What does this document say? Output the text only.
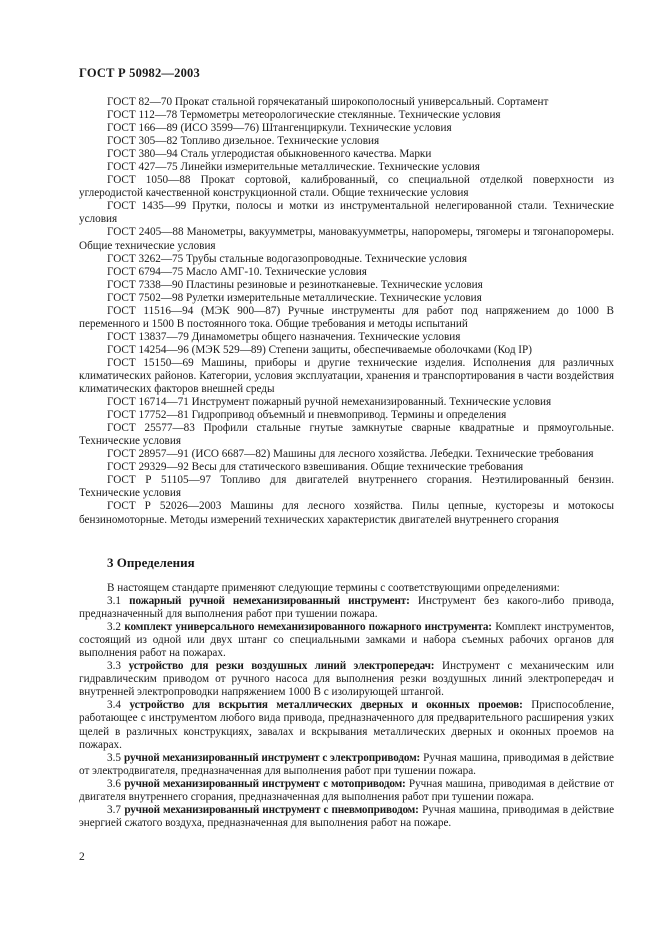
ГОСТ Р 50982—2003

ГОСТ 82—70 Прокат стальной горячекатаный широкополосный универсальный. Сортамент

ГОСТ 112—78 Термометры метеорологические стеклянные. Технические условия

ГОСТ 166—89 (ИСО 3599—76) Штангенциркули. Технические условия

ГОСТ 305—82 Топливо дизельное. Технические условия

ГОСТ 380—94 Сталь углеродистая обыкновенного качества. Марки

ГОСТ 427—75 Линейки измерительные металлические. Технические условия

ГОСТ 1050—88 Прокат сортовой, калиброванный, со специальной отделкой поверхности из углеродистой качественной конструкционной стали. Общие технические условия

ГОСТ 1435—99 Прутки, полосы и мотки из инструментальной нелегированной стали. Технические условия

ГОСТ 2405—88 Манометры, вакуумметры, мановакуумметры, напоромеры, тягомеры и тягонапоромеры. Общие технические условия

ГОСТ 3262—75 Трубы стальные водогазопроводные. Технические условия

ГОСТ 6794—75 Масло АМГ-10. Технические условия

ГОСТ 7338—90 Пластины резиновые и резинотканевые. Технические условия

ГОСТ 7502—98 Рулетки измерительные металлические. Технические условия

ГОСТ 11516—94 (МЭК 900—87) Ручные инструменты для работ под напряжением до 1000 В переменного и 1500 В постоянного тока. Общие требования и методы испытаний

ГОСТ 13837—79 Динамометры общего назначения. Технические условия

ГОСТ 14254—96 (МЭК 529—89) Степени защиты, обеспечиваемые оболочками (Код IP)

ГОСТ 15150—69 Машины, приборы и другие технические изделия. Исполнения для различных климатических районов. Категории, условия эксплуатации, хранения и транспортирования в части воздействия климатических факторов внешней среды

ГОСТ 16714—71 Инструмент пожарный ручной немеханизированный. Технические условия

ГОСТ 17752—81 Гидропривод объемный и пневмопривод. Термины и определения

ГОСТ 25577—83 Профили стальные гнутые замкнутые сварные квадратные и прямоугольные. Технические условия

ГОСТ 28957—91 (ИСО 6687—82) Машины для лесного хозяйства. Лебедки. Технические требования

ГОСТ 29329—92 Весы для статического взвешивания. Общие технические требования

ГОСТ Р 51105—97 Топливо для двигателей внутреннего сгорания. Неэтилированный бензин. Технические условия

ГОСТ Р 52026—2003 Машины для лесного хозяйства. Пилы цепные, кусторезы и мотокосы бензиномоторные. Методы измерений технических характеристик двигателей внутреннего сгорания

3 Определения

В настоящем стандарте применяют следующие термины с соответствующими определениями:

3.1 пожарный ручной немеханизированный инструмент: Инструмент без какого-либо привода, предназначенный для выполнения работ при тушении пожара.

3.2 комплект универсального немеханизированного пожарного инструмента: Комплект инструментов, состоящий из одной или двух штанг со специальными замками и набора съемных рабочих органов для выполнения работ на пожарах.

3.3 устройство для резки воздушных линий электропередач: Инструмент с механическим или гидравлическим приводом от ручного насоса для выполнения резки воздушных линий электропередач и внутренней электропроводки напряжением 1000 В с изолирующей штангой.

3.4 устройство для вскрытия металлических дверных и оконных проемов: Приспособление, работающее с инструментом любого вида привода, предназначенного для предварительного расширения узких щелей в различных конструкциях, завалах и вскрывания металлических дверных и оконных проемов на пожарах.

3.5 ручной механизированный инструмент с электроприводом: Ручная машина, приводимая в действие от электродвигателя, предназначенная для выполнения работ при тушении пожара.

3.6 ручной механизированный инструмент с мотоприводом: Ручная машина, приводимая в действие от двигателя внутреннего сгорания, предназначенная для выполнения работ при тушении пожара.

3.7 ручной механизированный инструмент с пневмоприводом: Ручная машина, приводимая в действие энергией сжатого воздуха, предназначенная для выполнения работ на пожаре.

2
